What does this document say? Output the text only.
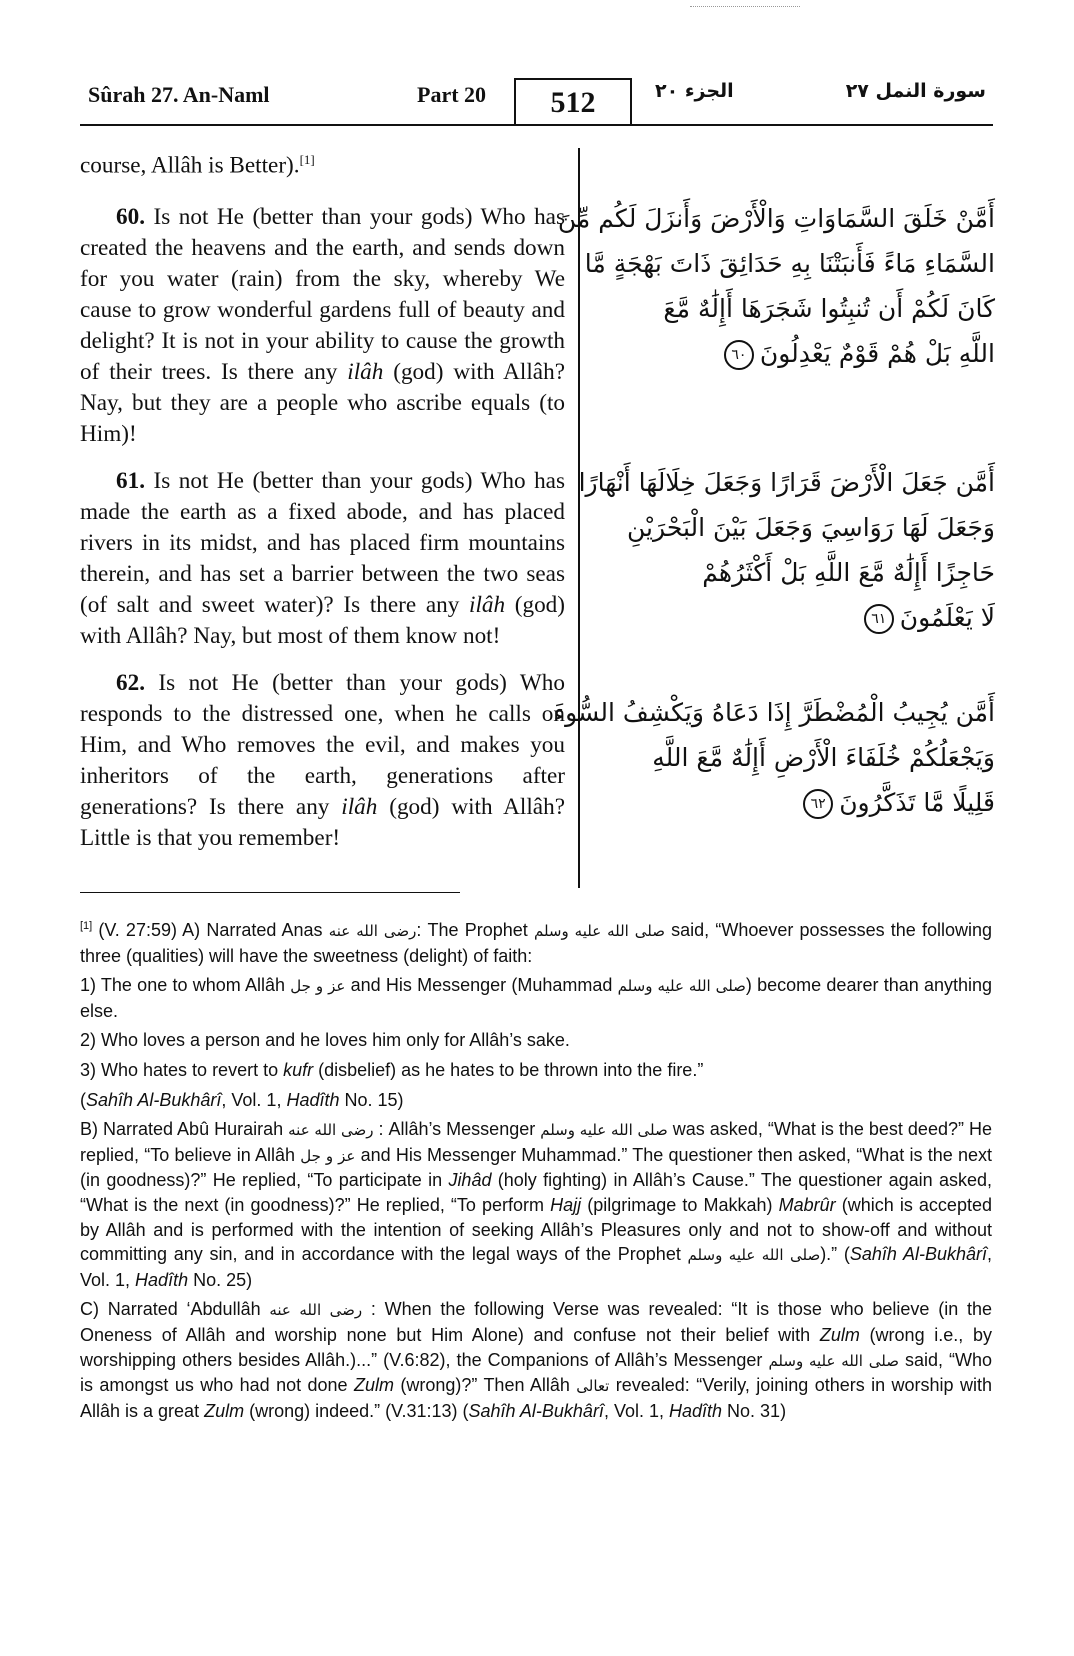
Sûrah 27. An-Naml	Part 20	512	الجزء ٢٠	سورة النمل ٢٧

course, Allâh is Better).[1]

60. Is not He (better than your gods) Who has created the heavens and the earth, and sends down for you water (rain) from the sky, whereby We cause to grow wonderful gardens full of beauty and delight? It is not in your ability to cause the growth of their trees. Is there any ilâh (god) with Allâh? Nay, but they are a people who ascribe equals (to Him)!

61. Is not He (better than your gods) Who has made the earth as a fixed abode, and has placed rivers in its midst, and has placed firm mountains therein, and has set a barrier between the two seas (of salt and sweet water)? Is there any ilâh (god) with Allâh? Nay, but most of them know not!

62. Is not He (better than your gods) Who responds to the distressed one, when he calls on Him, and Who removes the evil, and makes you inheritors of the earth, generations after generations? Is there any ilâh (god) with Allâh? Little is that you remember!

أَمَّنْ خَلَقَ السَّمَاوَاتِ وَالْأَرْضَ وَأَنزَلَ لَكُم مِّنَ
السَّمَاءِ مَاءً فَأَنبَتْنَا بِهِ حَدَائِقَ ذَاتَ بَهْجَةٍ مَّا
كَانَ لَكُمْ أَن تُنبِتُوا شَجَرَهَا أَإِلَٰهٌ مَّعَ
اللَّهِ بَلْ هُمْ قَوْمٌ يَعْدِلُونَ٦٠
أَمَّن جَعَلَ الْأَرْضَ قَرَارًا وَجَعَلَ خِلَالَهَا أَنْهَارًا
وَجَعَلَ لَهَا رَوَاسِيَ وَجَعَلَ بَيْنَ الْبَحْرَيْنِ
حَاجِزًا أَإِلَٰهٌ مَّعَ اللَّهِ بَلْ أَكْثَرُهُمْ
لَا يَعْلَمُونَ٦١
أَمَّن يُجِيبُ الْمُضْطَرَّ إِذَا دَعَاهُ وَيَكْشِفُ السُّوءَ
وَيَجْعَلُكُمْ خُلَفَاءَ الْأَرْضِ أَإِلَٰهٌ مَّعَ اللَّهِ
قَلِيلًا مَّا تَذَكَّرُونَ٦٢

[1] (V. 27:59) A) Narrated Anas رضى الله عنه: The Prophet صلى الله عليه وسلم said, “Whoever possesses the following three (qualities) will have the sweetness (delight) of faith:

1) The one to whom Allâh عز و جل and His Messenger (Muhammad صلى الله عليه وسلم) become dearer than anything else.

2) Who loves a person and he loves him only for Allâh’s sake.

3) Who hates to revert to kufr (disbelief) as he hates to be thrown into the fire.”

(Sahîh Al-Bukhârî, Vol. 1, Hadîth No. 15)

B) Narrated Abû Hurairah رضى الله عنه : Allâh’s Messenger صلى الله عليه وسلم was asked, “What is the best deed?” He replied, “To believe in Allâh عز و جل and His Messenger Muhammad.” The questioner then asked, “What is the next (in goodness)?” He replied, “To participate in Jihâd (holy fighting) in Allâh’s Cause.” The questioner again asked, “What is the next (in goodness)?” He replied, “To perform Hajj (pilgrimage to Makkah) Mabrûr (which is accepted by Allâh and is performed with the intention of seeking Allâh’s Pleasures only and not to show-off and without committing any sin, and in accordance with the legal ways of the Prophet صلى الله عليه وسلم).” (Sahîh Al-Bukhârî, Vol. 1, Hadîth No. 25)

C) Narrated ‘Abdullâh رضى الله عنه : When the following Verse was revealed: “It is those who believe (in the Oneness of Allâh and worship none but Him Alone) and confuse not their belief with Zulm (wrong i.e., by worshipping others besides Allâh.)...” (V.6:82), the Companions of Allâh’s Messenger صلى الله عليه وسلم said, “Who is amongst us who had not done Zulm (wrong)?” Then Allâh تعالى revealed: “Verily, joining others in worship with Allâh is a great Zulm (wrong) indeed.” (V.31:13) (Sahîh Al-Bukhârî, Vol. 1, Hadîth No. 31)
